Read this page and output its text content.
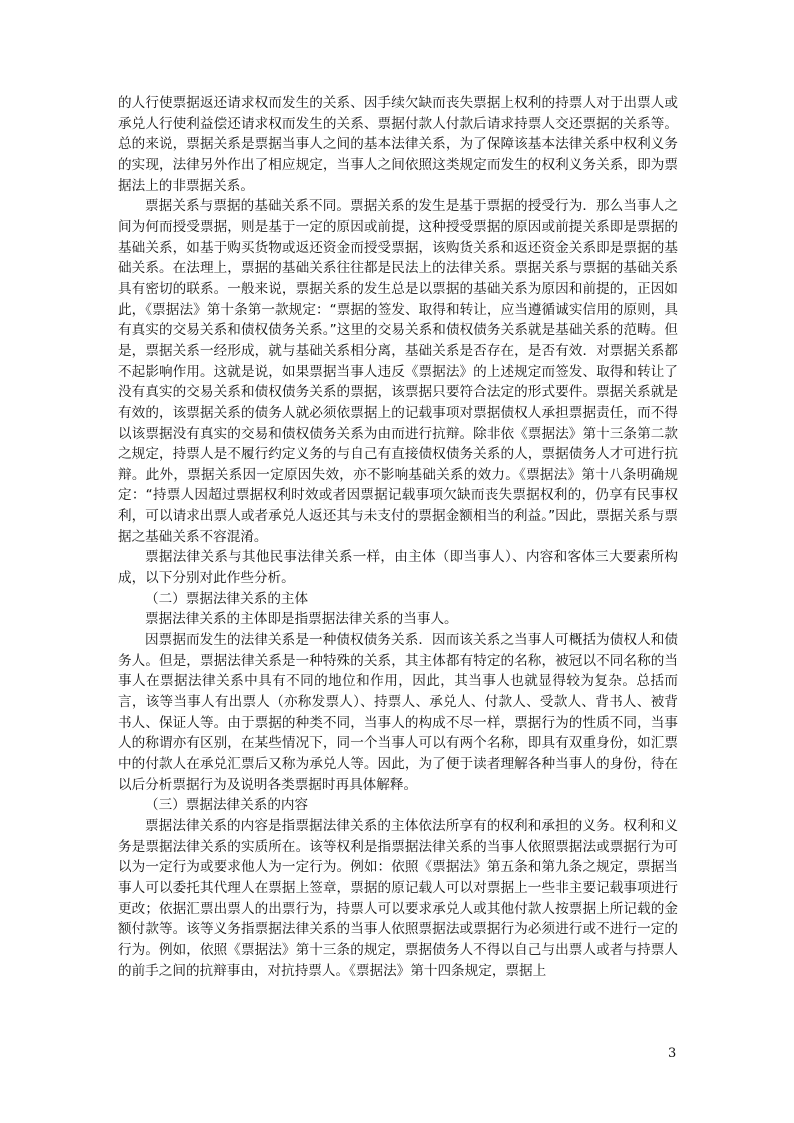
的人行使票据返还请求权而发生的关系、因手续欠缺而丧失票据上权利的持票人对于出票人或承兑人行使利益偿还请求权而发生的关系、票据付款人付款后请求持票人交还票据的关系等。总的来说，票据关系是票据当事人之间的基本法律关系，为了保障该基本法律关系中权利义务的实现，法律另外作出了相应规定，当事人之间依照这类规定而发生的权利义务关系，即为票据法上的非票据关系。

票据关系与票据的基础关系不同。票据关系的发生是基于票据的授受行为．那么当事人之间为何而授受票据，则是基于一定的原因或前提，这种授受票据的原因或前提关系即是票据的基础关系，如基于购买货物或返还资金而授受票据，该购货关系和返还资金关系即是票据的基础关系。在法理上，票据的基础关系往往都是民法上的法律关系。票据关系与票据的基础关系具有密切的联系。一般来说，票据关系的发生总是以票据的基础关系为原因和前提的，正因如此，《票据法》第十条第一款规定：“票据的签发、取得和转让，应当遵循诚实信用的原则，具有真实的交易关系和债权债务关系。”这里的交易关系和债权债务关系就是基础关系的范畴。但是，票据关系一经形成，就与基础关系相分离，基础关系是否存在，是否有效．对票据关系都不起影响作用。这就是说，如果票据当事人违反《票据法》的上述规定而签发、取得和转让了没有真实的交易关系和债权债务关系的票据，该票据只要符合法定的形式要件。票据关系就是有效的，该票据关系的债务人就必须依票据上的记载事项对票据债权人承担票据责任，而不得以该票据没有真实的交易和债权债务关系为由而进行抗辩。除非依《票据法》第十三条第二款之规定，持票人是不履行约定义务的与自己有直接债权债务关系的人，票据债务人才可进行抗辩。此外，票据关系因一定原因失效，亦不影响基础关系的效力。《票据法》第十八条明确规定：“持票人因超过票据权利时效或者因票据记载事项欠缺而丧失票据权利的，仍享有民事权利，可以请求出票人或者承兑人返还其与未支付的票据金额相当的利益。”因此，票据关系与票据之基础关系不容混淆。

票据法律关系与其他民事法律关系一样，由主体（即当事人）、内容和客体三大要素所构成，以下分别对此作些分析。

（二）票据法律关系的主体

票据法律关系的主体即是指票据法律关系的当事人。

因票据而发生的法律关系是一种债权债务关系．因而该关系之当事人可概括为债权人和债务人。但是，票据法律关系是一种特殊的关系，其主体都有特定的名称，被冠以不同名称的当事人在票据法律关系中具有不同的地位和作用，因此，其当事人也就显得较为复杂。总括而言，该等当事人有出票人（亦称发票人）、持票人、承兑人、付款人、受款人、背书人、被背书人、保证人等。由于票据的种类不同，当事人的构成不尽一样，票据行为的性质不同，当事人的称谓亦有区别，在某些情况下，同一个当事人可以有两个名称，即具有双重身份，如汇票中的付款人在承兑汇票后又称为承兑人等。因此，为了便于读者理解各种当事人的身份，待在以后分析票据行为及说明各类票据时再具体解释。

（三）票据法律关系的内容

票据法律关系的内容是指票据法律关系的主体依法所享有的权利和承担的义务。权利和义务是票据法律关系的实质所在。该等权利是指票据法律关系的当事人依照票据法或票据行为可以为一定行为或要求他人为一定行为。例如：依照《票据法》第五条和第九条之规定，票据当事人可以委托其代理人在票据上签章，票据的原记载人可以对票据上一些非主要记载事项进行更改；依据汇票出票人的出票行为，持票人可以要求承兑人或其他付款人按票据上所记载的金额付款等。该等义务指票据法律关系的当事人依照票据法或票据行为必须进行或不进行一定的行为。例如，依照《票据法》第十三条的规定，票据债务人不得以自己与出票人或者与持票人的前手之间的抗辩事由，对抗持票人。《票据法》第十四条规定，票据上

3
